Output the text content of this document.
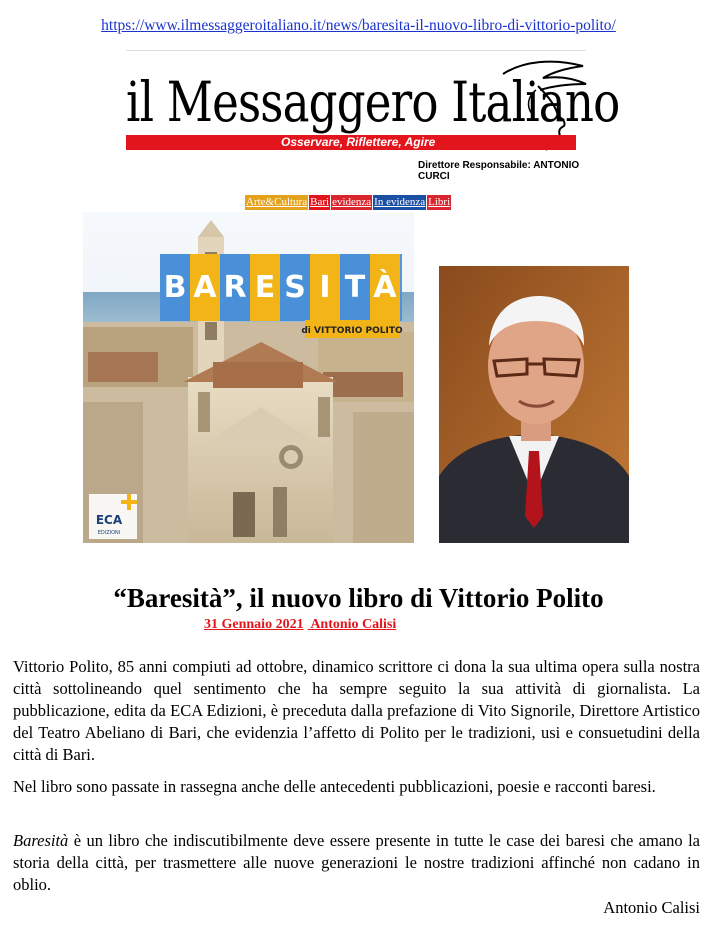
https://www.ilmessaggeroitaliano.it/news/baresita-il-nuovo-libro-di-vittorio-polito/
il Messaggero Italiano
Osservare, Riflettere, Agire
Direttore Responsabile: ANTONIO CURCI
Arte&Cultura Bari evidenza In evidenza Libri
B A R E S I T À
di VITTORIO POLITO
ECA
EDIZIONI
“Baresità”, il nuovo libro di Vittorio Polito
31 Gennaio 2021 Antonio Calisi

Vittorio Polito, 85 anni compiuti ad ottobre, dinamico scrittore ci dona la sua ultima opera sulla nostra città sottolineando quel sentimento che ha sempre seguito la sua attività di giornalista. La pubblicazione, edita da ECA Edizioni, è preceduta dalla prefazione di Vito Signorile, Direttore Artistico del Teatro Abeliano di Bari, che evidenzia l’affetto di Polito per le tradizioni, usi e consuetudini della città di Bari.

Nel libro sono passate in rassegna anche delle antecedenti pubblicazioni, poesie e racconti baresi.

Baresità è un libro che indiscutibilmente deve essere presente in tutte le case dei baresi che amano la storia della città, per trasmettere alle nuove generazioni le nostre tradizioni affinché non cadano in oblio.

Antonio Calisi
